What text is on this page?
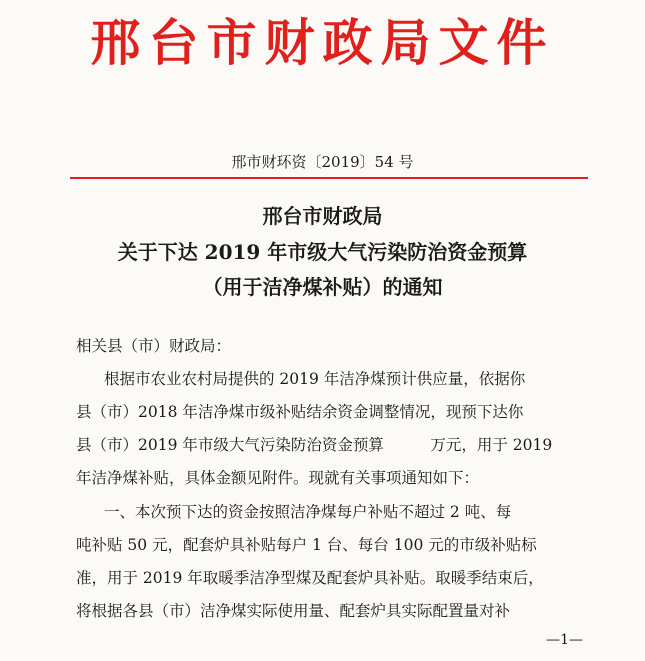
邢台市财政局文件
邢市财环资〔2019〕54 号
邢台市财政局
关于下达 2019 年市级大气污染防治资金预算
（用于洁净煤补贴）的通知
相关县（市）财政局：
根据市农业农村局提供的 2019 年洁净煤预计供应量，依据你
县（市）2018 年洁净煤市级补贴结余资金调整情况，现预下达你
县（市）2019 年市级大气污染防治资金预算　　　万元，用于 2019
年洁净煤补贴，具体金额见附件。现就有关事项通知如下：
一、本次预下达的资金按照洁净煤每户补贴不超过 2 吨、每
吨补贴 50 元，配套炉具补贴每户 1 台、每台 100 元的市级补贴标
准，用于 2019 年取暖季洁净型煤及配套炉具补贴。取暖季结束后，
将根据各县（市）洁净煤实际使用量、配套炉具实际配置量对补
—1—
